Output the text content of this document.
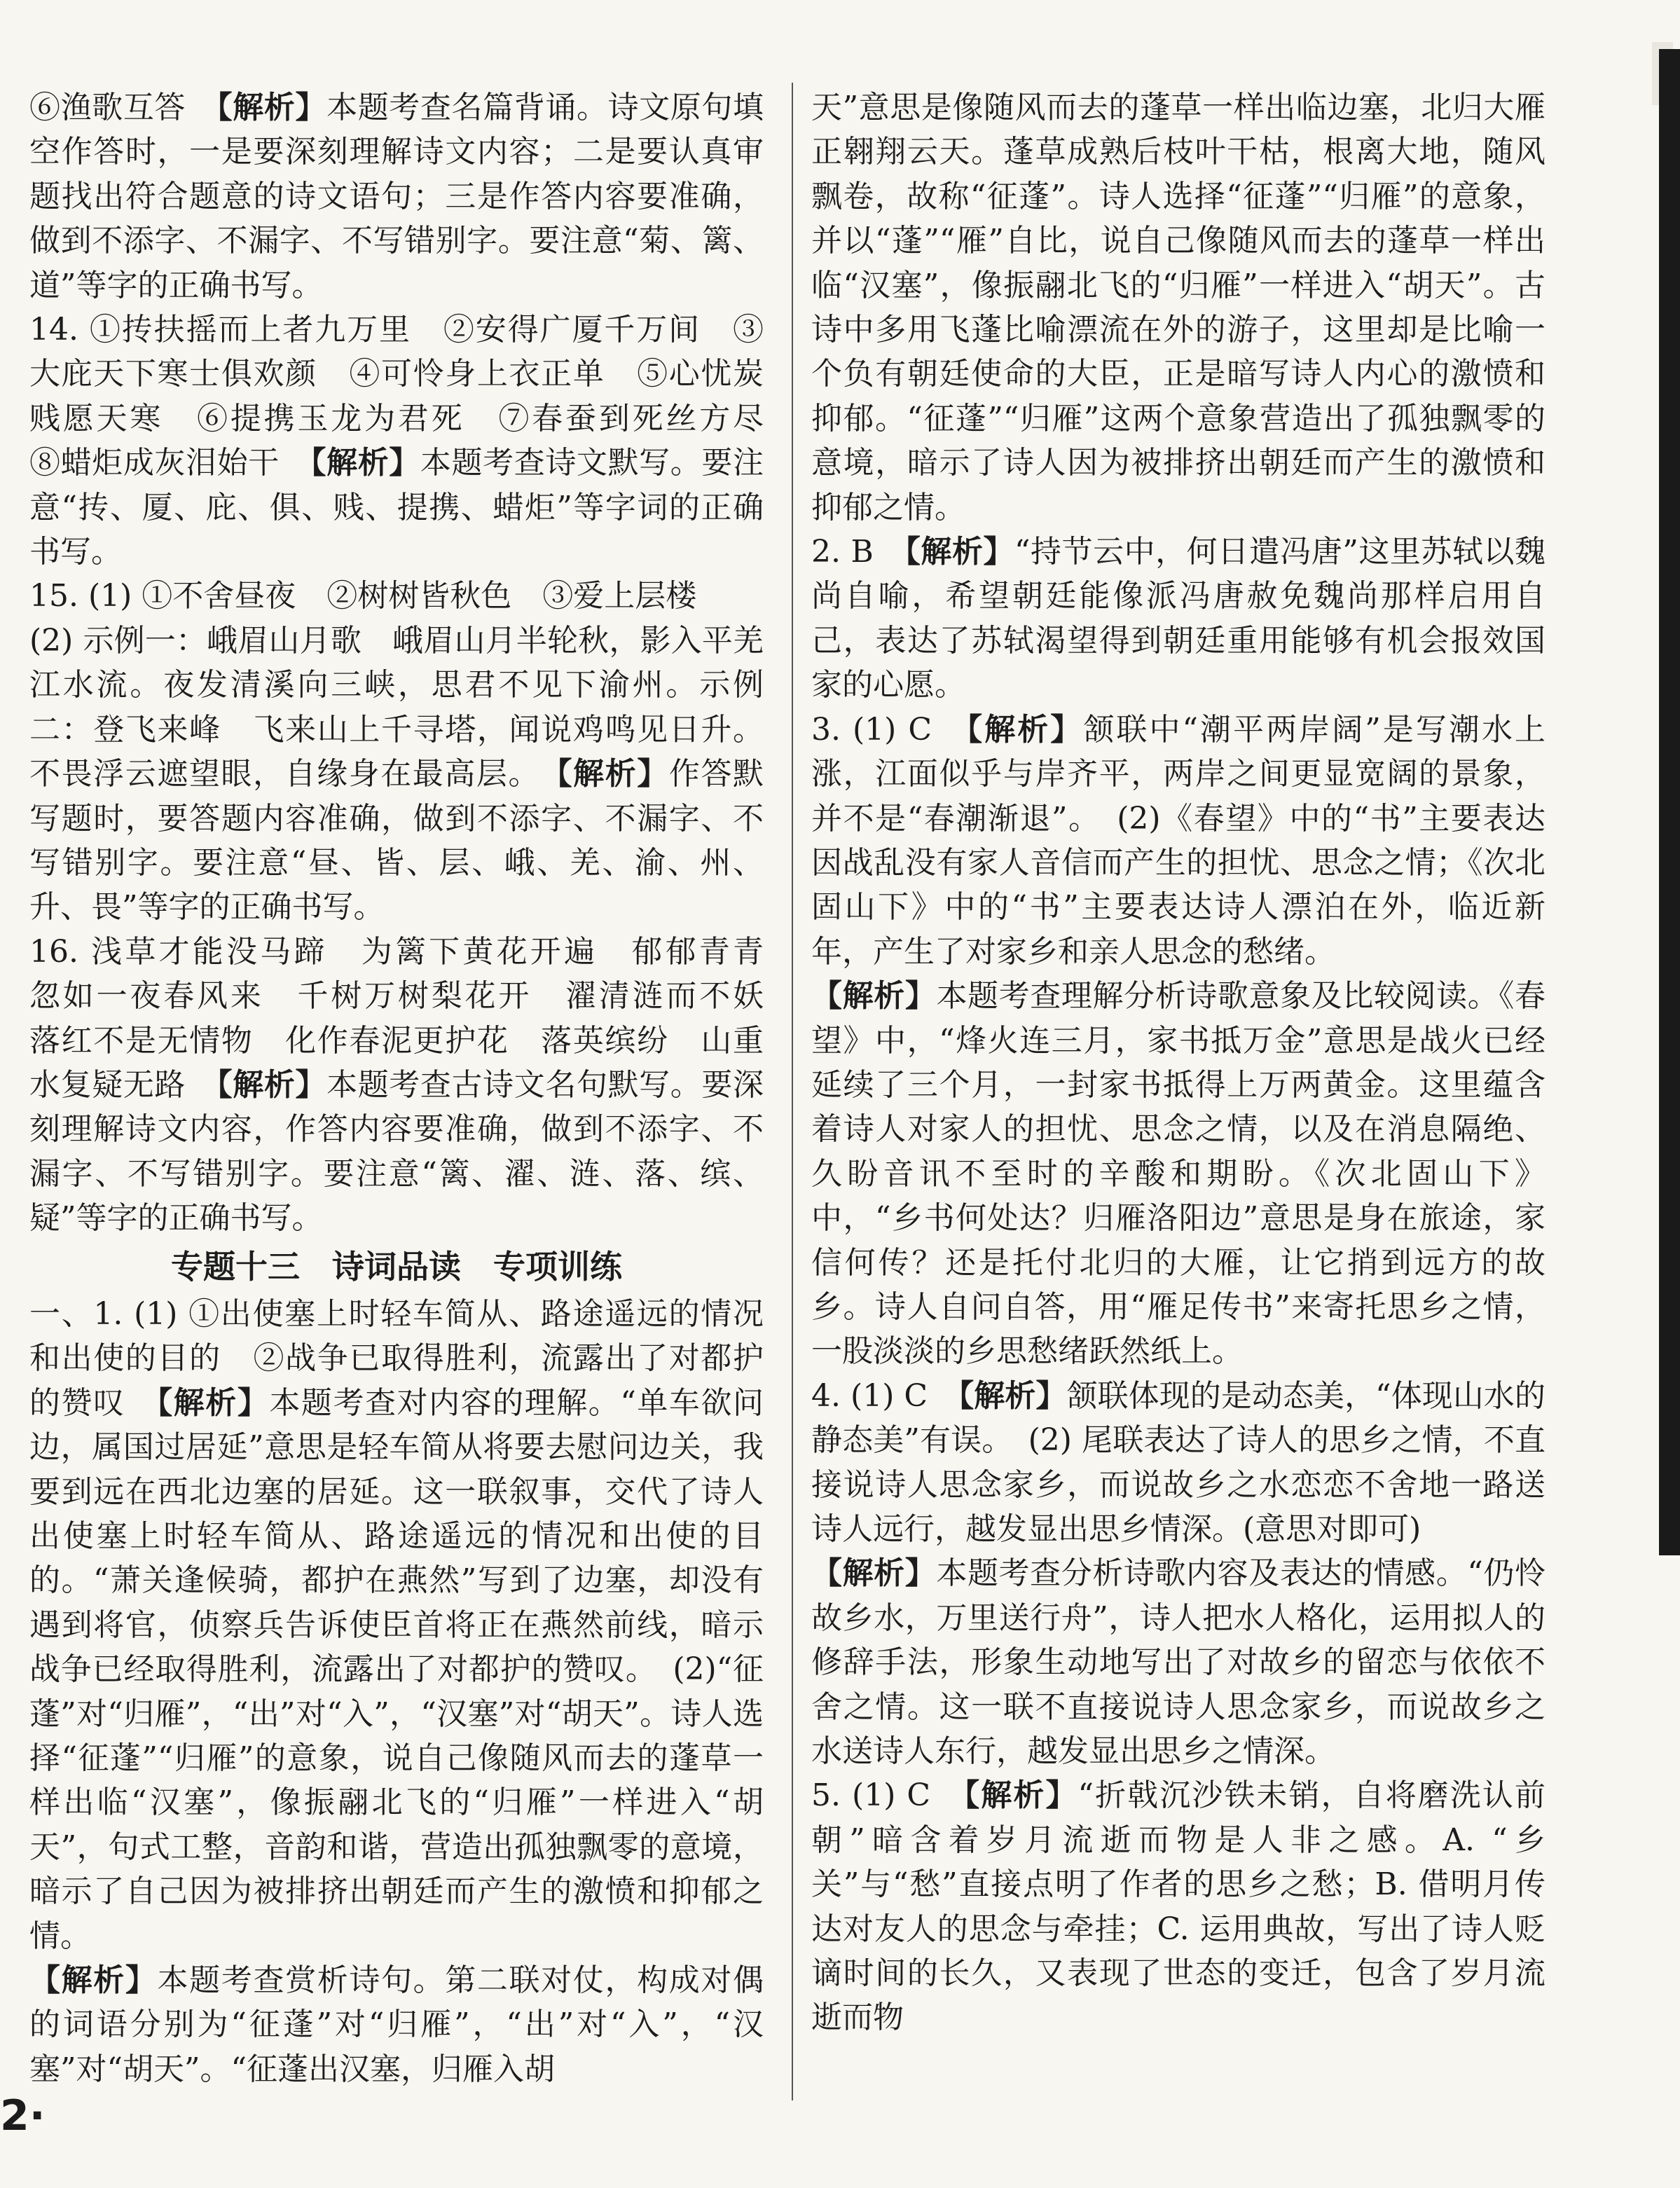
⑥渔歌互答　【解析】本题考查名篇背诵。诗文原句填空作答时，一是要深刻理解诗文内容；二是要认真审题找出符合题意的诗文语句；三是作答内容要准确，做到不添字、不漏字、不写错别字。要注意“菊、篱、道”等字的正确书写。

14. ①抟扶摇而上者九万里　②安得广厦千万间　③大庇天下寒士俱欢颜　④可怜身上衣正单　⑤心忧炭贱愿天寒　⑥提携玉龙为君死　⑦春蚕到死丝方尽　⑧蜡炬成灰泪始干　【解析】本题考查诗文默写。要注意“抟、厦、庇、俱、贱、提携、蜡炬”等字词的正确书写。

15. (1) ①不舍昼夜　②树树皆秋色　③爱上层楼

(2) 示例一：峨眉山月歌　峨眉山月半轮秋，影入平羌江水流。夜发清溪向三峡，思君不见下渝州。示例二：登飞来峰　飞来山上千寻塔，闻说鸡鸣见日升。不畏浮云遮望眼，自缘身在最高层。　【解析】作答默写题时，要答题内容准确，做到不添字、不漏字、不写错别字。要注意“昼、皆、层、峨、羌、渝、州、升、畏”等字的正确书写。

16. 浅草才能没马蹄　为篱下黄花开遍　郁郁青青　忽如一夜春风来　千树万树梨花开　濯清涟而不妖　落红不是无情物　化作春泥更护花　落英缤纷　山重水复疑无路　【解析】本题考查古诗文名句默写。要深刻理解诗文内容，作答内容要准确，做到不添字、不漏字、不写错别字。要注意“篱、濯、涟、落、缤、疑”等字的正确书写。

专题十三　诗词品读　专项训练

一、1. (1) ①出使塞上时轻车简从、路途遥远的情况和出使的目的　②战争已取得胜利，流露出了对都护的赞叹　【解析】本题考查对内容的理解。“单车欲问边，属国过居延”意思是轻车简从将要去慰问边关，我要到远在西北边塞的居延。这一联叙事，交代了诗人出使塞上时轻车简从、路途遥远的情况和出使的目的。“萧关逢候骑，都护在燕然”写到了边塞，却没有遇到将官，侦察兵告诉使臣首将正在燕然前线，暗示战争已经取得胜利，流露出了对都护的赞叹。　(2)“征蓬”对“归雁”，“出”对“入”，“汉塞”对“胡天”。诗人选择“征蓬”“归雁”的意象，说自己像随风而去的蓬草一样出临“汉塞”，像振翮北飞的“归雁”一样进入“胡天”，句式工整，音韵和谐，营造出孤独飘零的意境，暗示了自己因为被排挤出朝廷而产生的激愤和抑郁之情。　

【解析】本题考查赏析诗句。第二联对仗，构成对偶的词语分别为“征蓬”对“归雁”，“出”对“入”，“汉塞”对“胡天”。“征蓬出汉塞，归雁入胡

天”意思是像随风而去的蓬草一样出临边塞，北归大雁正翱翔云天。蓬草成熟后枝叶干枯，根离大地，随风飘卷，故称“征蓬”。诗人选择“征蓬”“归雁”的意象，并以“蓬”“雁”自比，说自己像随风而去的蓬草一样出临“汉塞”，像振翮北飞的“归雁”一样进入“胡天”。古诗中多用飞蓬比喻漂流在外的游子，这里却是比喻一个负有朝廷使命的大臣，正是暗写诗人内心的激愤和抑郁。“征蓬”“归雁”这两个意象营造出了孤独飘零的意境，暗示了诗人因为被排挤出朝廷而产生的激愤和抑郁之情。

2. B　【解析】“持节云中，何日遣冯唐”这里苏轼以魏尚自喻，希望朝廷能像派冯唐赦免魏尚那样启用自己，表达了苏轼渴望得到朝廷重用能够有机会报效国家的心愿。

3. (1) C　【解析】颔联中“潮平两岸阔”是写潮水上涨，江面似乎与岸齐平，两岸之间更显宽阔的景象，并不是“春潮渐退”。　(2)《春望》中的“书”主要表达因战乱没有家人音信而产生的担忧、思念之情；《次北固山下》中的“书”主要表达诗人漂泊在外，临近新年，产生了对家乡和亲人思念的愁绪。

【解析】本题考查理解分析诗歌意象及比较阅读。《春望》中，“烽火连三月，家书抵万金”意思是战火已经延续了三个月，一封家书抵得上万两黄金。这里蕴含着诗人对家人的担忧、思念之情，以及在消息隔绝、久盼音讯不至时的辛酸和期盼。《次北固山下》中，“乡书何处达？归雁洛阳边”意思是身在旅途，家信何传？还是托付北归的大雁，让它捎到远方的故乡。诗人自问自答，用“雁足传书”来寄托思乡之情，一股淡淡的乡思愁绪跃然纸上。

4. (1) C　【解析】颔联体现的是动态美，“体现山水的静态美”有误。　(2) 尾联表达了诗人的思乡之情，不直接说诗人思念家乡，而说故乡之水恋恋不舍地一路送诗人远行，越发显出思乡情深。(意思对即可)

【解析】本题考查分析诗歌内容及表达的情感。“仍怜故乡水，万里送行舟”，诗人把水人格化，运用拟人的修辞手法，形象生动地写出了对故乡的留恋与依依不舍之情。这一联不直接说诗人思念家乡，而说故乡之水送诗人东行，越发显出思乡之情深。

5. (1) C　【解析】“折戟沉沙铁未销，自将磨洗认前朝”暗含着岁月流逝而物是人非之感。A. “乡关”与“愁”直接点明了作者的思乡之愁；B. 借明月传达对友人的思念与牵挂；C. 运用典故，写出了诗人贬谪时间的长久，又表现了世态的变迁，包含了岁月流逝而物

2·
